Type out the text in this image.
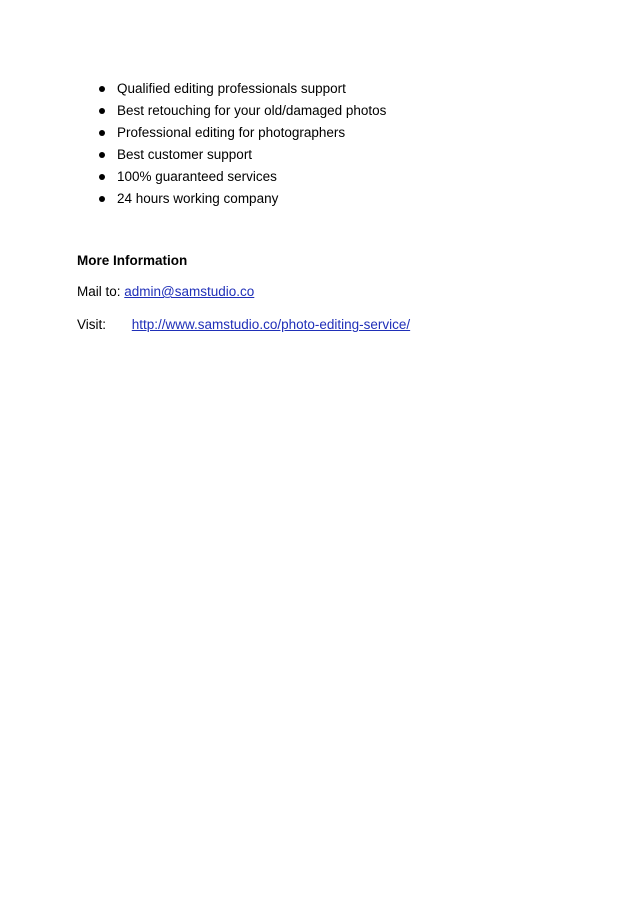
Qualified editing professionals support
Best retouching for your old/damaged photos
Professional editing for photographers
Best customer support
100% guaranteed services
24 hours working company
More Information
Mail to: admin@samstudio.co
Visit: http://www.samstudio.co/photo-editing-service/
